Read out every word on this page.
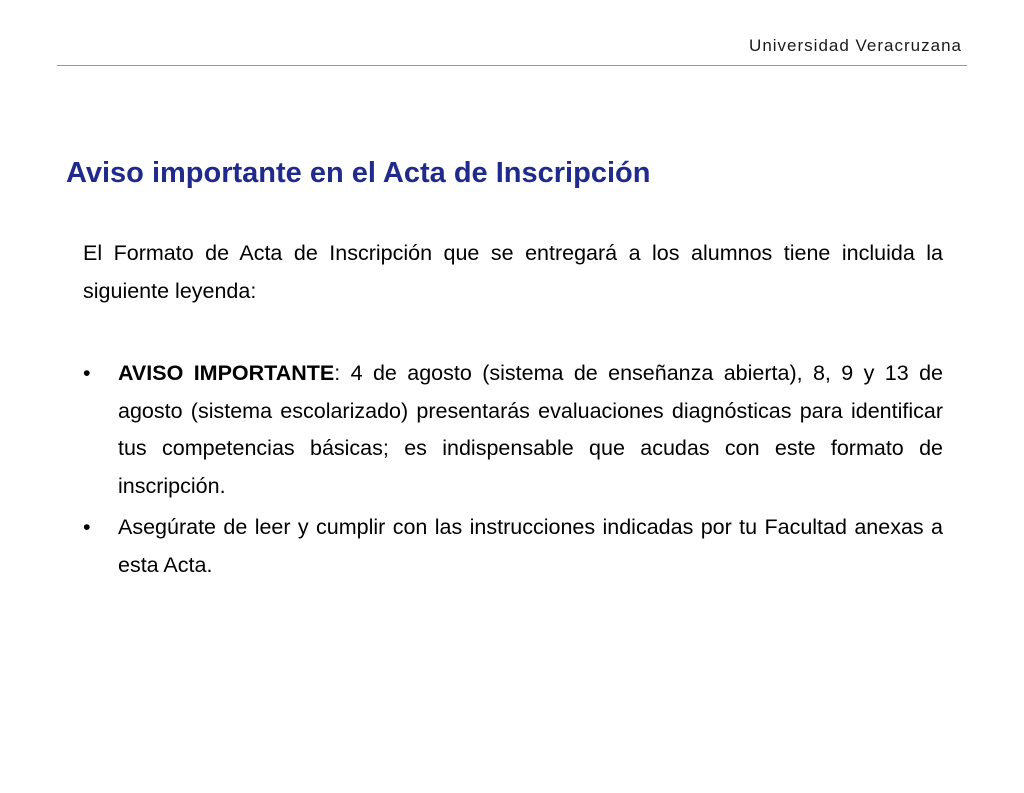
Universidad Veracruzana
Aviso importante en el Acta de Inscripción

El Formato de Acta de Inscripción que se entregará a los alumnos tiene incluida la siguiente leyenda:

•	AVISO IMPORTANTE: 4 de agosto (sistema de enseñanza abierta), 8, 9 y 13 de agosto (sistema escolarizado) presentarás evaluaciones diagnósticas para identificar tus competencias básicas; es indispensable que acudas con este formato de inscripción.
•	Asegúrate de leer y cumplir con las instrucciones indicadas por tu Facultad anexas a esta Acta.
